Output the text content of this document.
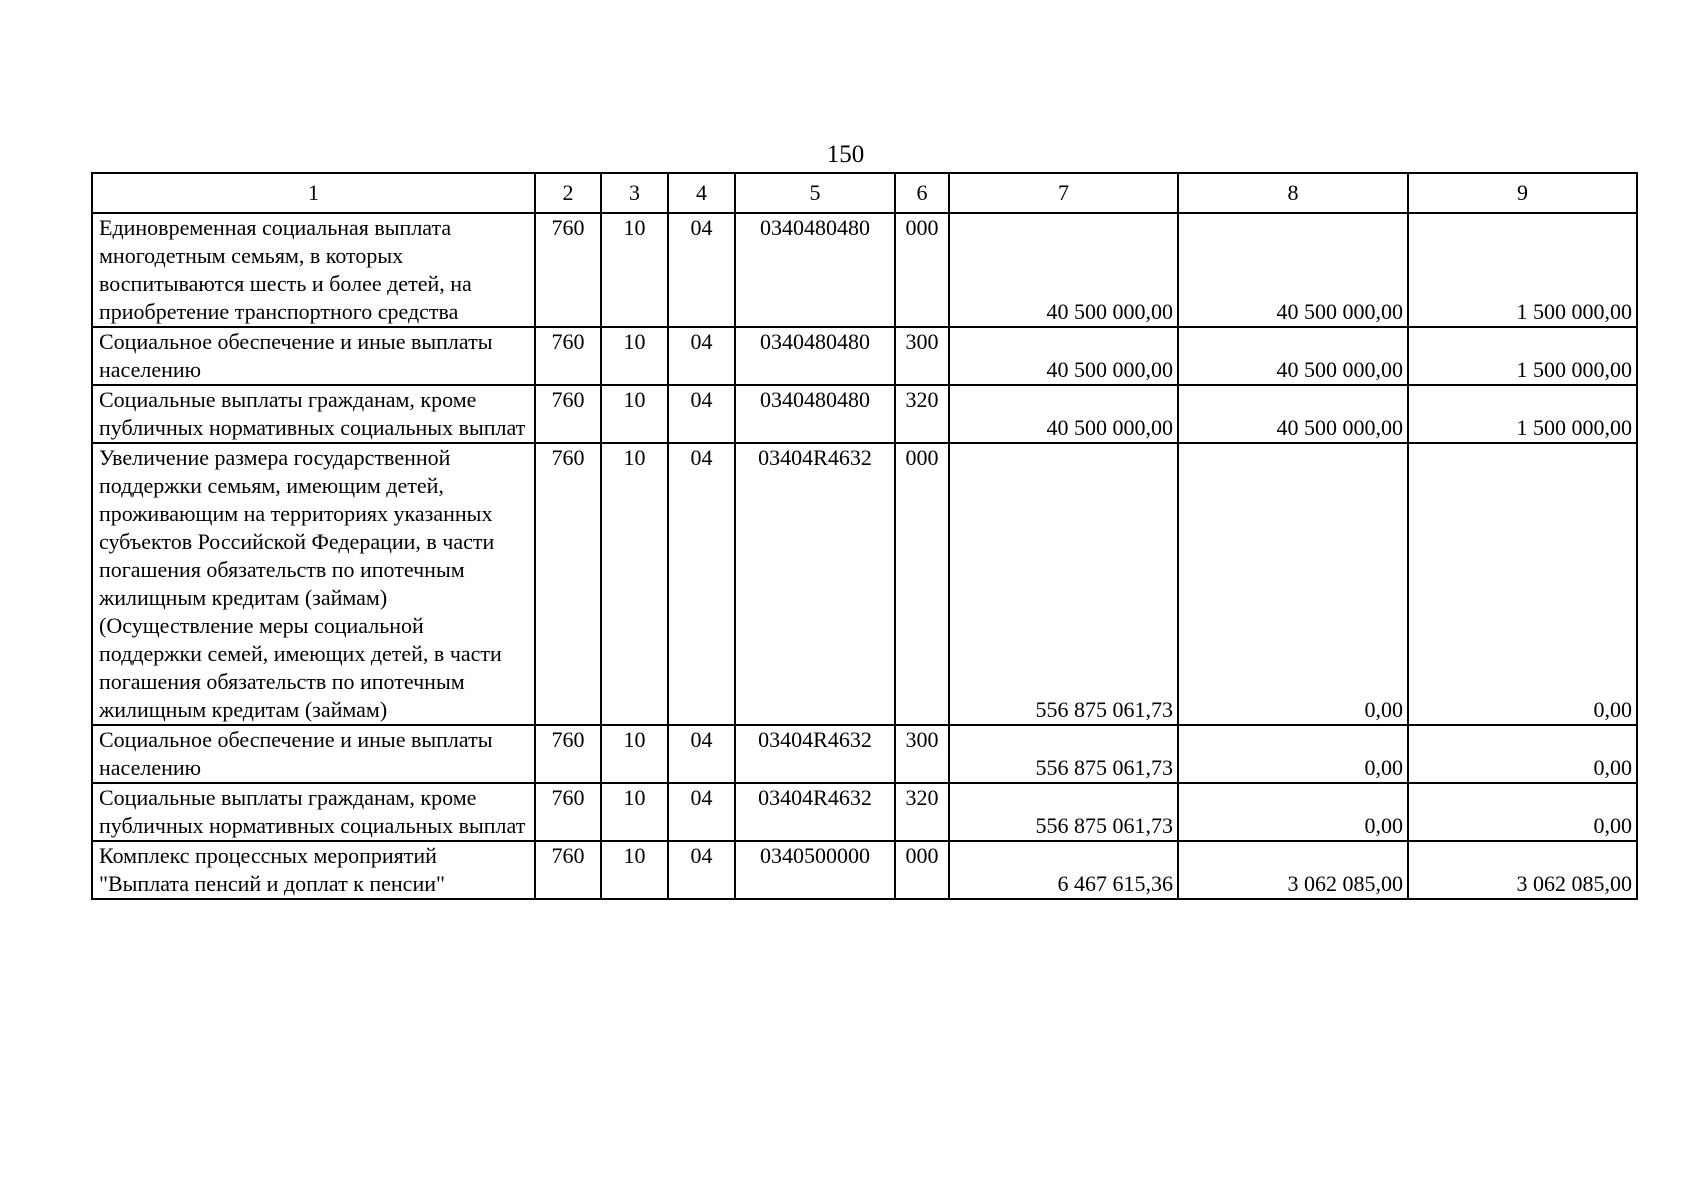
150
1	2	3	4	5	6	7	8	9
Единовременная социальная выплата многодетным семьям, в которых воспитываются шесть и более детей, на приобретение транспортного средства	760	10	04	0340480480	000	40 500 000,00	40 500 000,00	1 500 000,00
Социальное обеспечение и иные выплаты населению	760	10	04	0340480480	300	40 500 000,00	40 500 000,00	1 500 000,00
Социальные выплаты гражданам, кроме публичных нормативных социальных выплат	760	10	04	0340480480	320	40 500 000,00	40 500 000,00	1 500 000,00
Увеличение размера государственной поддержки семьям, имеющим детей, проживающим на территориях указанных субъектов Российской Федерации, в части погашения обязательств по ипотечным жилищным кредитам (займам) (Осуществление меры социальной поддержки семей, имеющих детей, в части погашения обязательств по ипотечным жилищным кредитам (займам)	760	10	04	03404R4632	000	556 875 061,73	0,00	0,00
Социальное обеспечение и иные выплаты населению	760	10	04	03404R4632	300	556 875 061,73	0,00	0,00
Социальные выплаты гражданам, кроме публичных нормативных социальных выплат	760	10	04	03404R4632	320	556 875 061,73	0,00	0,00
Комплекс процессных мероприятий "Выплата пенсий и доплат к пенсии"	760	10	04	0340500000	000	6 467 615,36	3 062 085,00	3 062 085,00
